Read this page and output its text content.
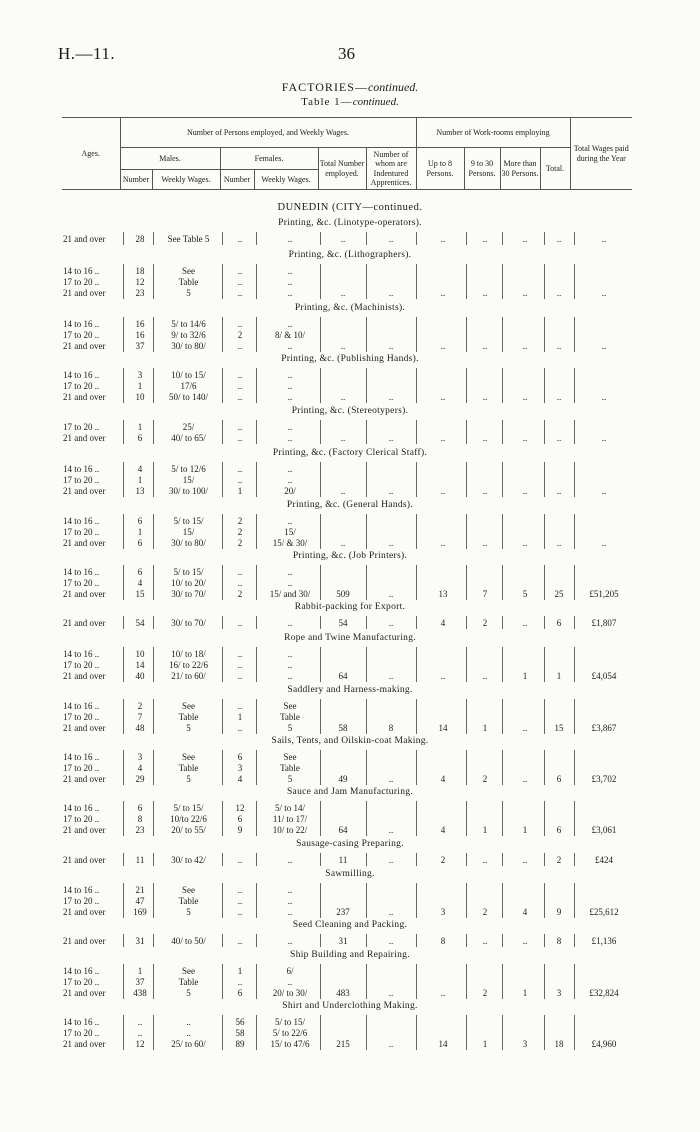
H.—11.	36
FACTORIES—continued.
Table 1—continued.
Ages.	Number of Persons employed, and Weekly Wages.						Number of Work-rooms employing				Total Wages paid during the Year
	Males.		Females.		Total Number employed.	Number of whom are Indentured Apprentices.	Up to 8 Persons.	9 to 30 Persons.	More than 30 Persons.	Total.	
	Number	Weekly Wages.	Number	Weekly Wages.							
DUNEDIN (CITY—continued.
Printing, &c. (Linotype-operators).
21 and over	28	See Table 5	..	..	..	..	..	..	..	..	..
Printing, &c. (Lithographers).
14 to 16 ..	18	See	..	..
17 to 20 ..	12	Table	..	..
21 and over	23	5	..	..	..	..	..	..	..	..	..
Printing, &c. (Machinists).
14 to 16 ..	16	5/ to 14/6	..	..
17 to 20 ..	16	9/ to 32/6	2	8/ & 10/
21 and over	37	30/ to 80/	..	..	..	..	..	..	..	..	..
Printing, &c. (Publishing Hands).
14 to 16 ..	3	10/ to 15/	..	..
17 to 20 ..	1	17/6	..	..
21 and over	10	50/ to 140/	..	..	..	..	..	..	..	..	..
Printing, &c. (Stereotypers).
17 to 20 ..	1	25/	..	..
21 and over	6	40/ to 65/	..	..	..	..	..	..	..	..	..
Printing, &c. (Factory Clerical Staff).
14 to 16 ..	4	5/ to 12/6	..	..
17 to 20 ..	1	15/	..	..
21 and over	13	30/ to 100/	1	20/	..	..	..	..	..	..	..
Printing, &c. (General Hands).
14 to 16 ..	6	5/ to 15/	2	..
17 to 20 ..	1	15/	2	15/
21 and over	6	30/ to 80/	2	15/ & 30/	..	..	..	..	..	..	..
Printing, &c. (Job Printers).
14 to 16 ..	6	5/ to 15/	..	..
17 to 20 ..	4	10/ to 20/	..	..
21 and over	15	30/ to 70/	2	15/ and 30/	509	..	13	7	5	25	£51,205
Rabbit-packing for Export.
21 and over	54	30/ to 70/	..	..	54	..	4	2	..	6	£1,807
Rope and Twine Manufacturing.
14 to 16 ..	10	10/ to 18/	..	..
17 to 20 ..	14	16/ to 22/6	..	..
21 and over	40	21/ to 60/	..	..	64	..	..	..	1	1	£4,054
Saddlery and Harness-making.
14 to 16 ..	2	See	..	See
17 to 20 ..	7	Table	1	Table
21 and over	48	5	..	5	58	8	14	1	..	15	£3,867
Sails, Tents, and Oilskin-coat Making.
14 to 16 ..	3	See	6	See
17 to 20 ..	4	Table	3	Table
21 and over	29	5	4	5	49	..	4	2	..	6	£3,702
Sauce and Jam Manufacturing.
14 to 16 ..	6	5/ to 15/	12	5/ to 14/
17 to 20 ..	8	10/to 22/6	6	11/ to 17/
21 and over	23	20/ to 55/	9	10/ to 22/	64	..	4	1	1	6	£3,061
Sausage-casing Preparing.
21 and over	11	30/ to 42/	..	..	11	..	2	..	..	2	£424
Sawmilling.
14 to 16 ..	21	See	..	..
17 to 20 ..	47	Table	..	..
21 and over	169	5	..	..	237	..	3	2	4	9	£25,612
Seed Cleaning and Packing.
21 and over	31	40/ to 50/	..	..	31	..	8	..	..	8	£1,136
Ship Building and Repairing.
14 to 16 ..	1	See	1	6/
17 to 20 ..	37	Table	..	..
21 and over	438	5	6	20/ to 30/	483	..	..	2	1	3	£32,824
Shirt and Underclothing Making.
14 to 16 ..	..	..	56	5/ to 15/
17 to 20 ..	..	..	58	5/ to 22/6
21 and over	12	25/ to 60/	89	15/ to 47/6	215	..	14	1	3	18	£4,960
